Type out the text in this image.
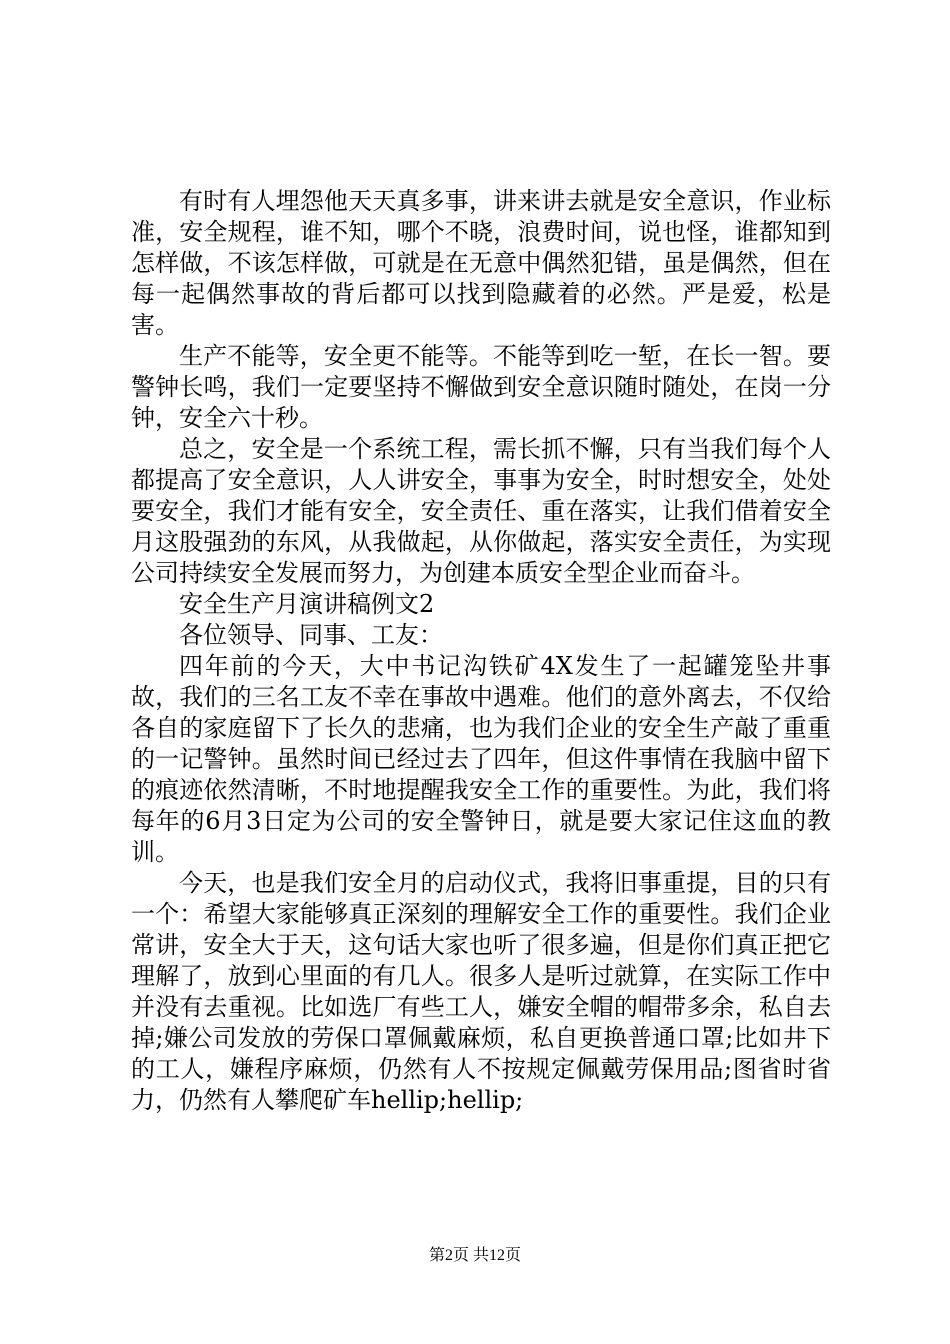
有时有人埋怨他天天真多事，讲来讲去就是安全意识，作业标准，安全规程，谁不知，哪个不晓，浪费时间，说也怪，谁都知到怎样做，不该怎样做，可就是在无意中偶然犯错，虽是偶然，但在每一起偶然事故的背后都可以找到隐藏着的必然。严是爱，松是害。

生产不能等，安全更不能等。不能等到吃一堑，在长一智。要警钟长鸣，我们一定要坚持不懈做到安全意识随时随处，在岗一分钟，安全六十秒。

总之，安全是一个系统工程，需长抓不懈，只有当我们每个人都提高了安全意识，人人讲安全，事事为安全，时时想安全，处处要安全，我们才能有安全，安全责任、重在落实，让我们借着安全月这股强劲的东风，从我做起，从你做起，落实安全责任，为实现公司持续安全发展而努力，为创建本质安全型企业而奋斗。

安全生产月演讲稿例文2

各位领导、同事、工友：

四年前的今天，大中书记沟铁矿4X发生了一起罐笼坠井事故，我们的三名工友不幸在事故中遇难。他们的意外离去，不仅给各自的家庭留下了长久的悲痛，也为我们企业的安全生产敲了重重的一记警钟。虽然时间已经过去了四年，但这件事情在我脑中留下的痕迹依然清晰，不时地提醒我安全工作的重要性。为此，我们将每年的6月3日定为公司的安全警钟日，就是要大家记住这血的教训。

今天，也是我们安全月的启动仪式，我将旧事重提，目的只有一个：希望大家能够真正深刻的理解安全工作的重要性。我们企业常讲，安全大于天，这句话大家也听了很多遍，但是你们真正把它理解了，放到心里面的有几人。很多人是听过就算，在实际工作中并没有去重视。比如选厂有些工人，嫌安全帽的帽带多余，私自去掉;嫌公司发放的劳保口罩佩戴麻烦，私自更换普通口罩;比如井下的工人，嫌程序麻烦，仍然有人不按规定佩戴劳保用品;图省时省力，仍然有人攀爬矿车hellip;hellip;

第2页 共12页
